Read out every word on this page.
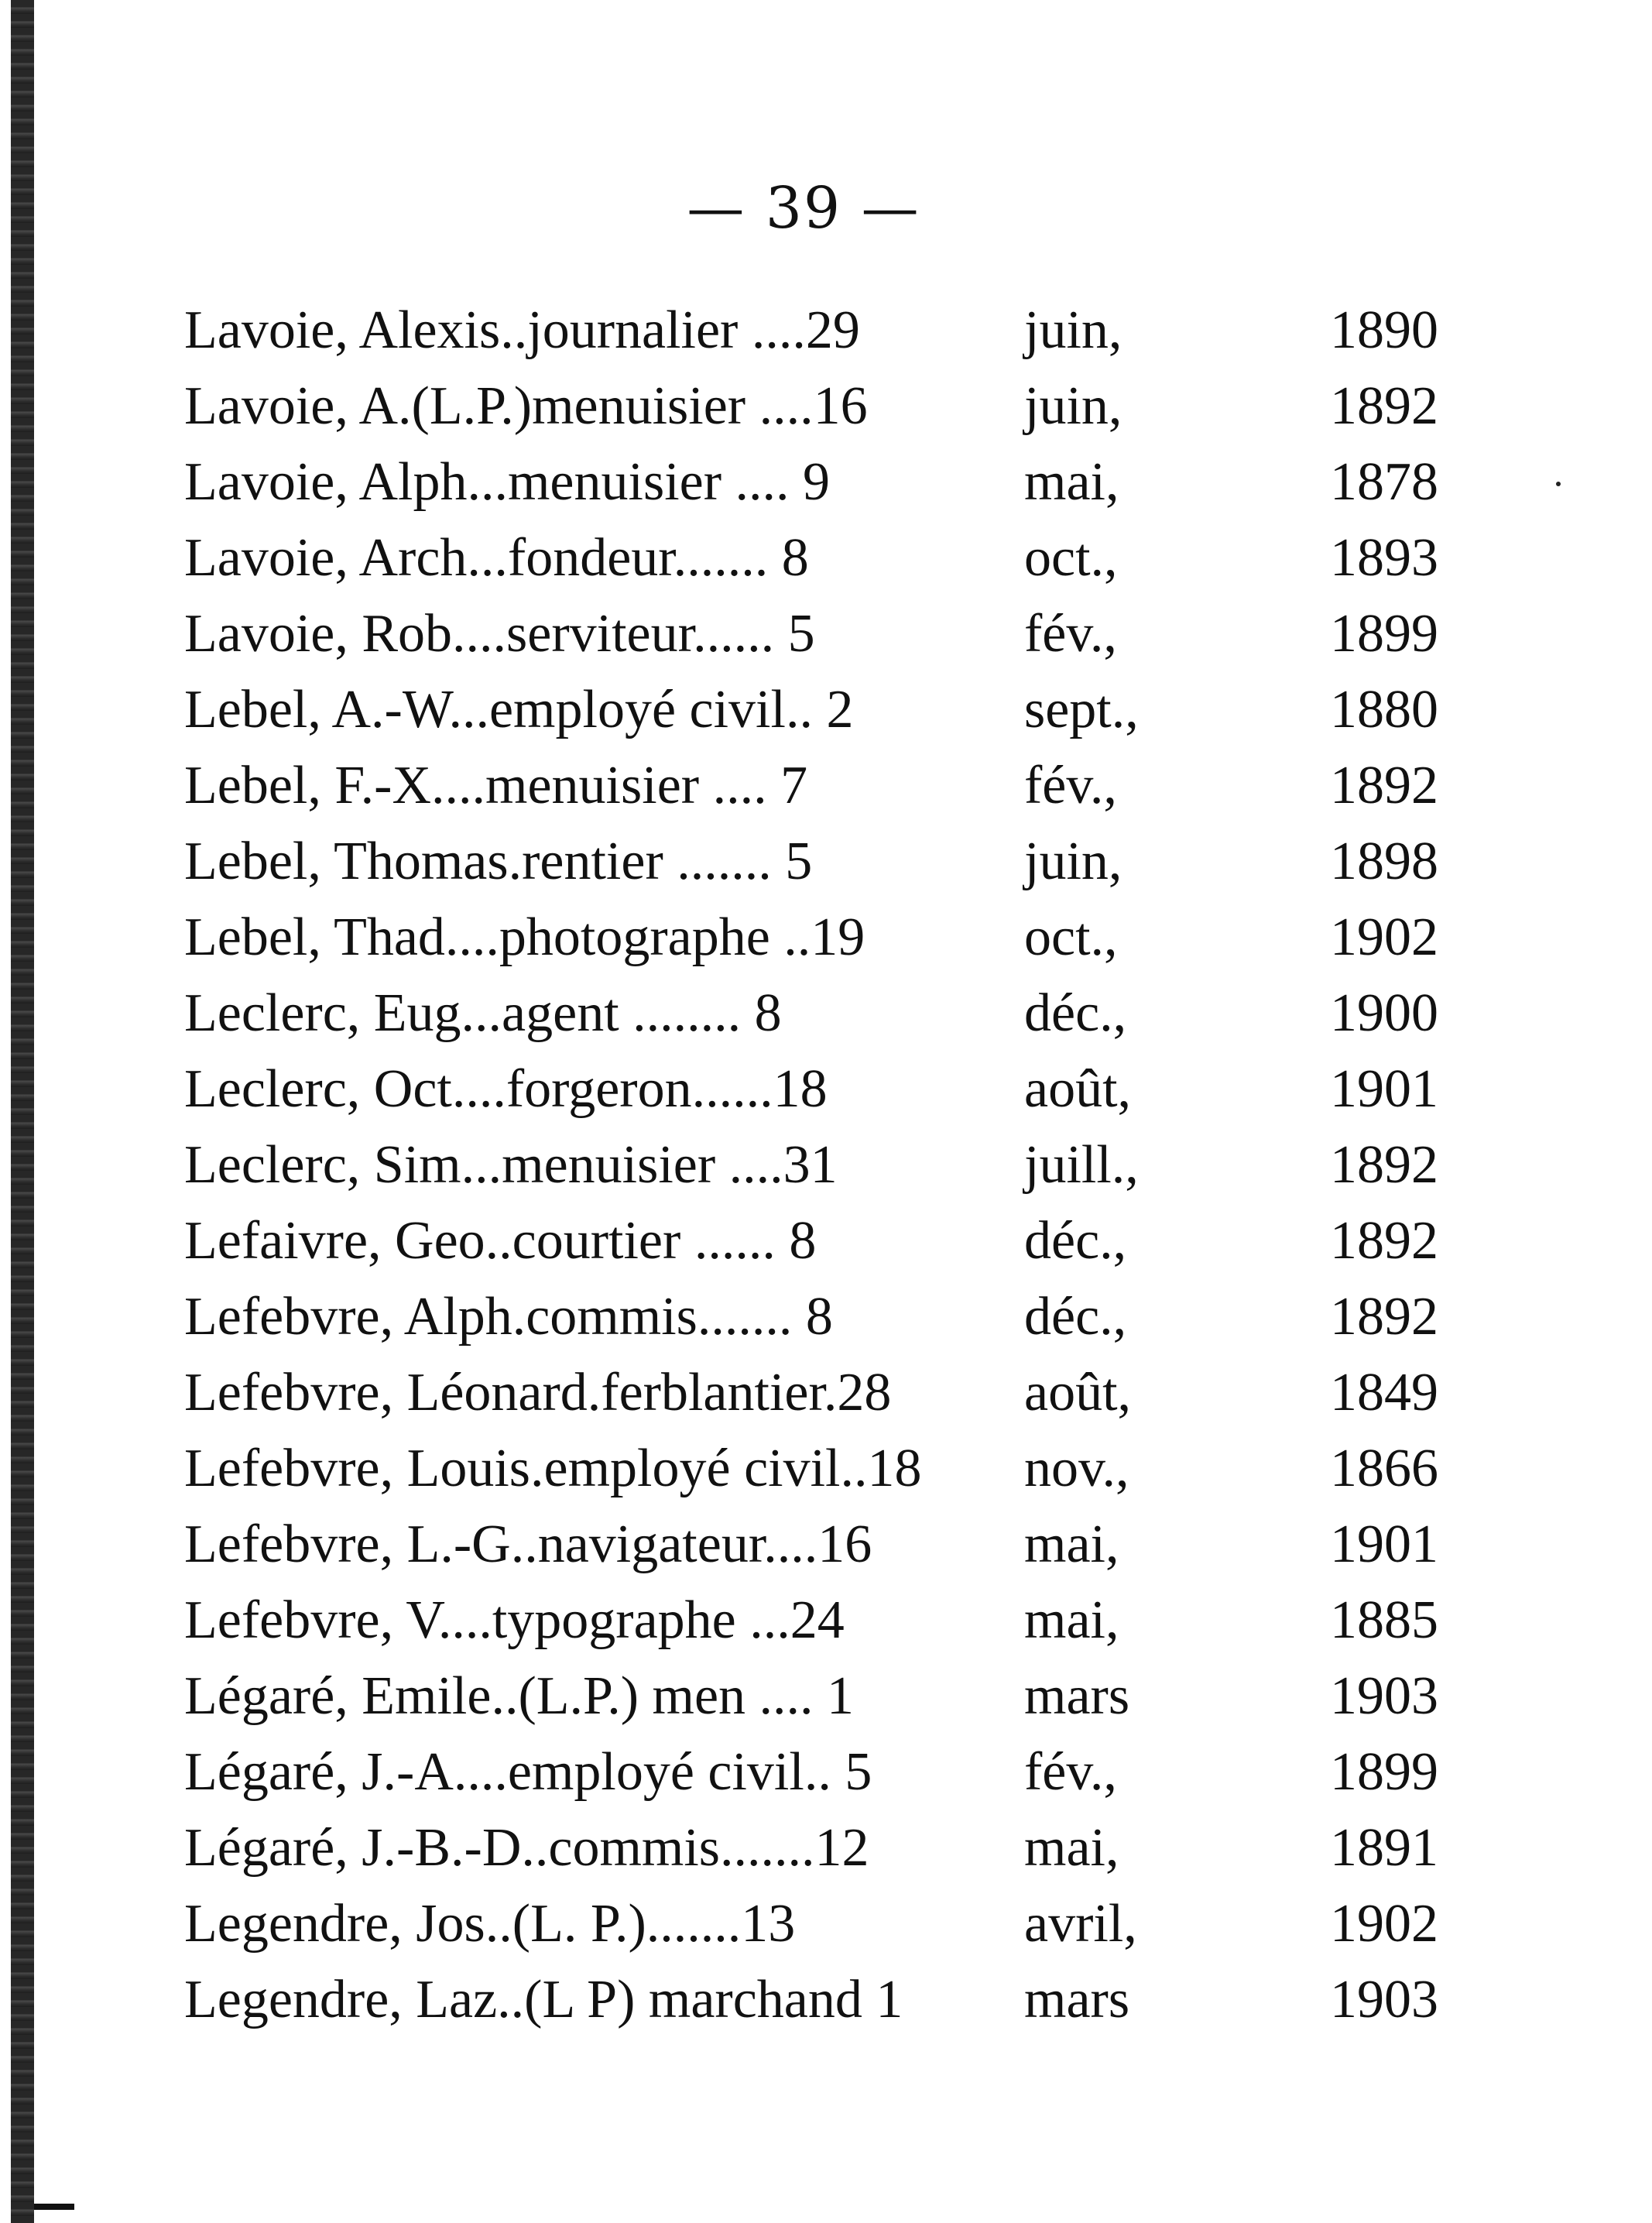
— 39 —
Lavoie, Alexis..journalier ....29	juin,	1890
Lavoie, A.(L.P.)menuisier ....16	juin,	1892
Lavoie, Alph...menuisier .... 9	mai,	1878
Lavoie, Arch...fondeur....... 8	oct.,	1893
Lavoie, Rob....serviteur...... 5	fév.,	1899
Lebel, A.-W...employé civil.. 2	sept.,	1880
Lebel, F.-X....menuisier .... 7	fév.,	1892
Lebel, Thomas.rentier ....... 5	juin,	1898
Lebel, Thad....photographe ..19	oct.,	1902
Leclerc, Eug...agent ........ 8	déc.,	1900
Leclerc, Oct....forgeron......18	août,	1901
Leclerc, Sim...menuisier ....31	juill.,	1892
Lefaivre, Geo..courtier ...... 8	déc.,	1892
Lefebvre, Alph.commis....... 8	déc.,	1892
Lefebvre, Léonard.ferblantier.28 août,	1849
Lefebvre, Louis.employé civil..18 nov.,	1866
Lefebvre, L.-G..navigateur....16	mai,	1901
Lefebvre, V....typographe ...24	mai,	1885
Légaré, Emile..(L.P.) men .... 1	mars	1903
Légaré, J.-A....employé civil.. 5	fév.,	1899
Légaré, J.-B.-D..commis.......12	mai,	1891
Legendre, Jos..(L. P.).......13	avril,	1902
Legendre, Laz..(L P) marchand 1 mars	1903
